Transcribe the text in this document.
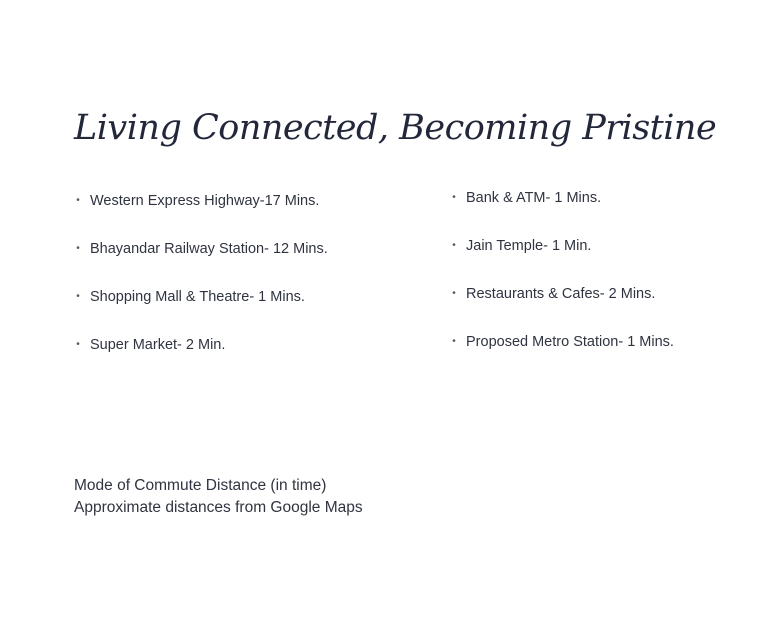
Living Connected, Becoming Pristine
• Western Express Highway-17 Mins.
• Bhayandar Railway Station- 12 Mins.
• Shopping Mall & Theatre- 1 Mins.
• Super Market- 2 Min.
• Bank & ATM- 1 Mins.
• Jain Temple- 1 Min.
• Restaurants & Cafes- 2 Mins.
• Proposed Metro Station- 1 Mins.
Mode of Commute Distance (in time)
Approximate distances from Google Maps
